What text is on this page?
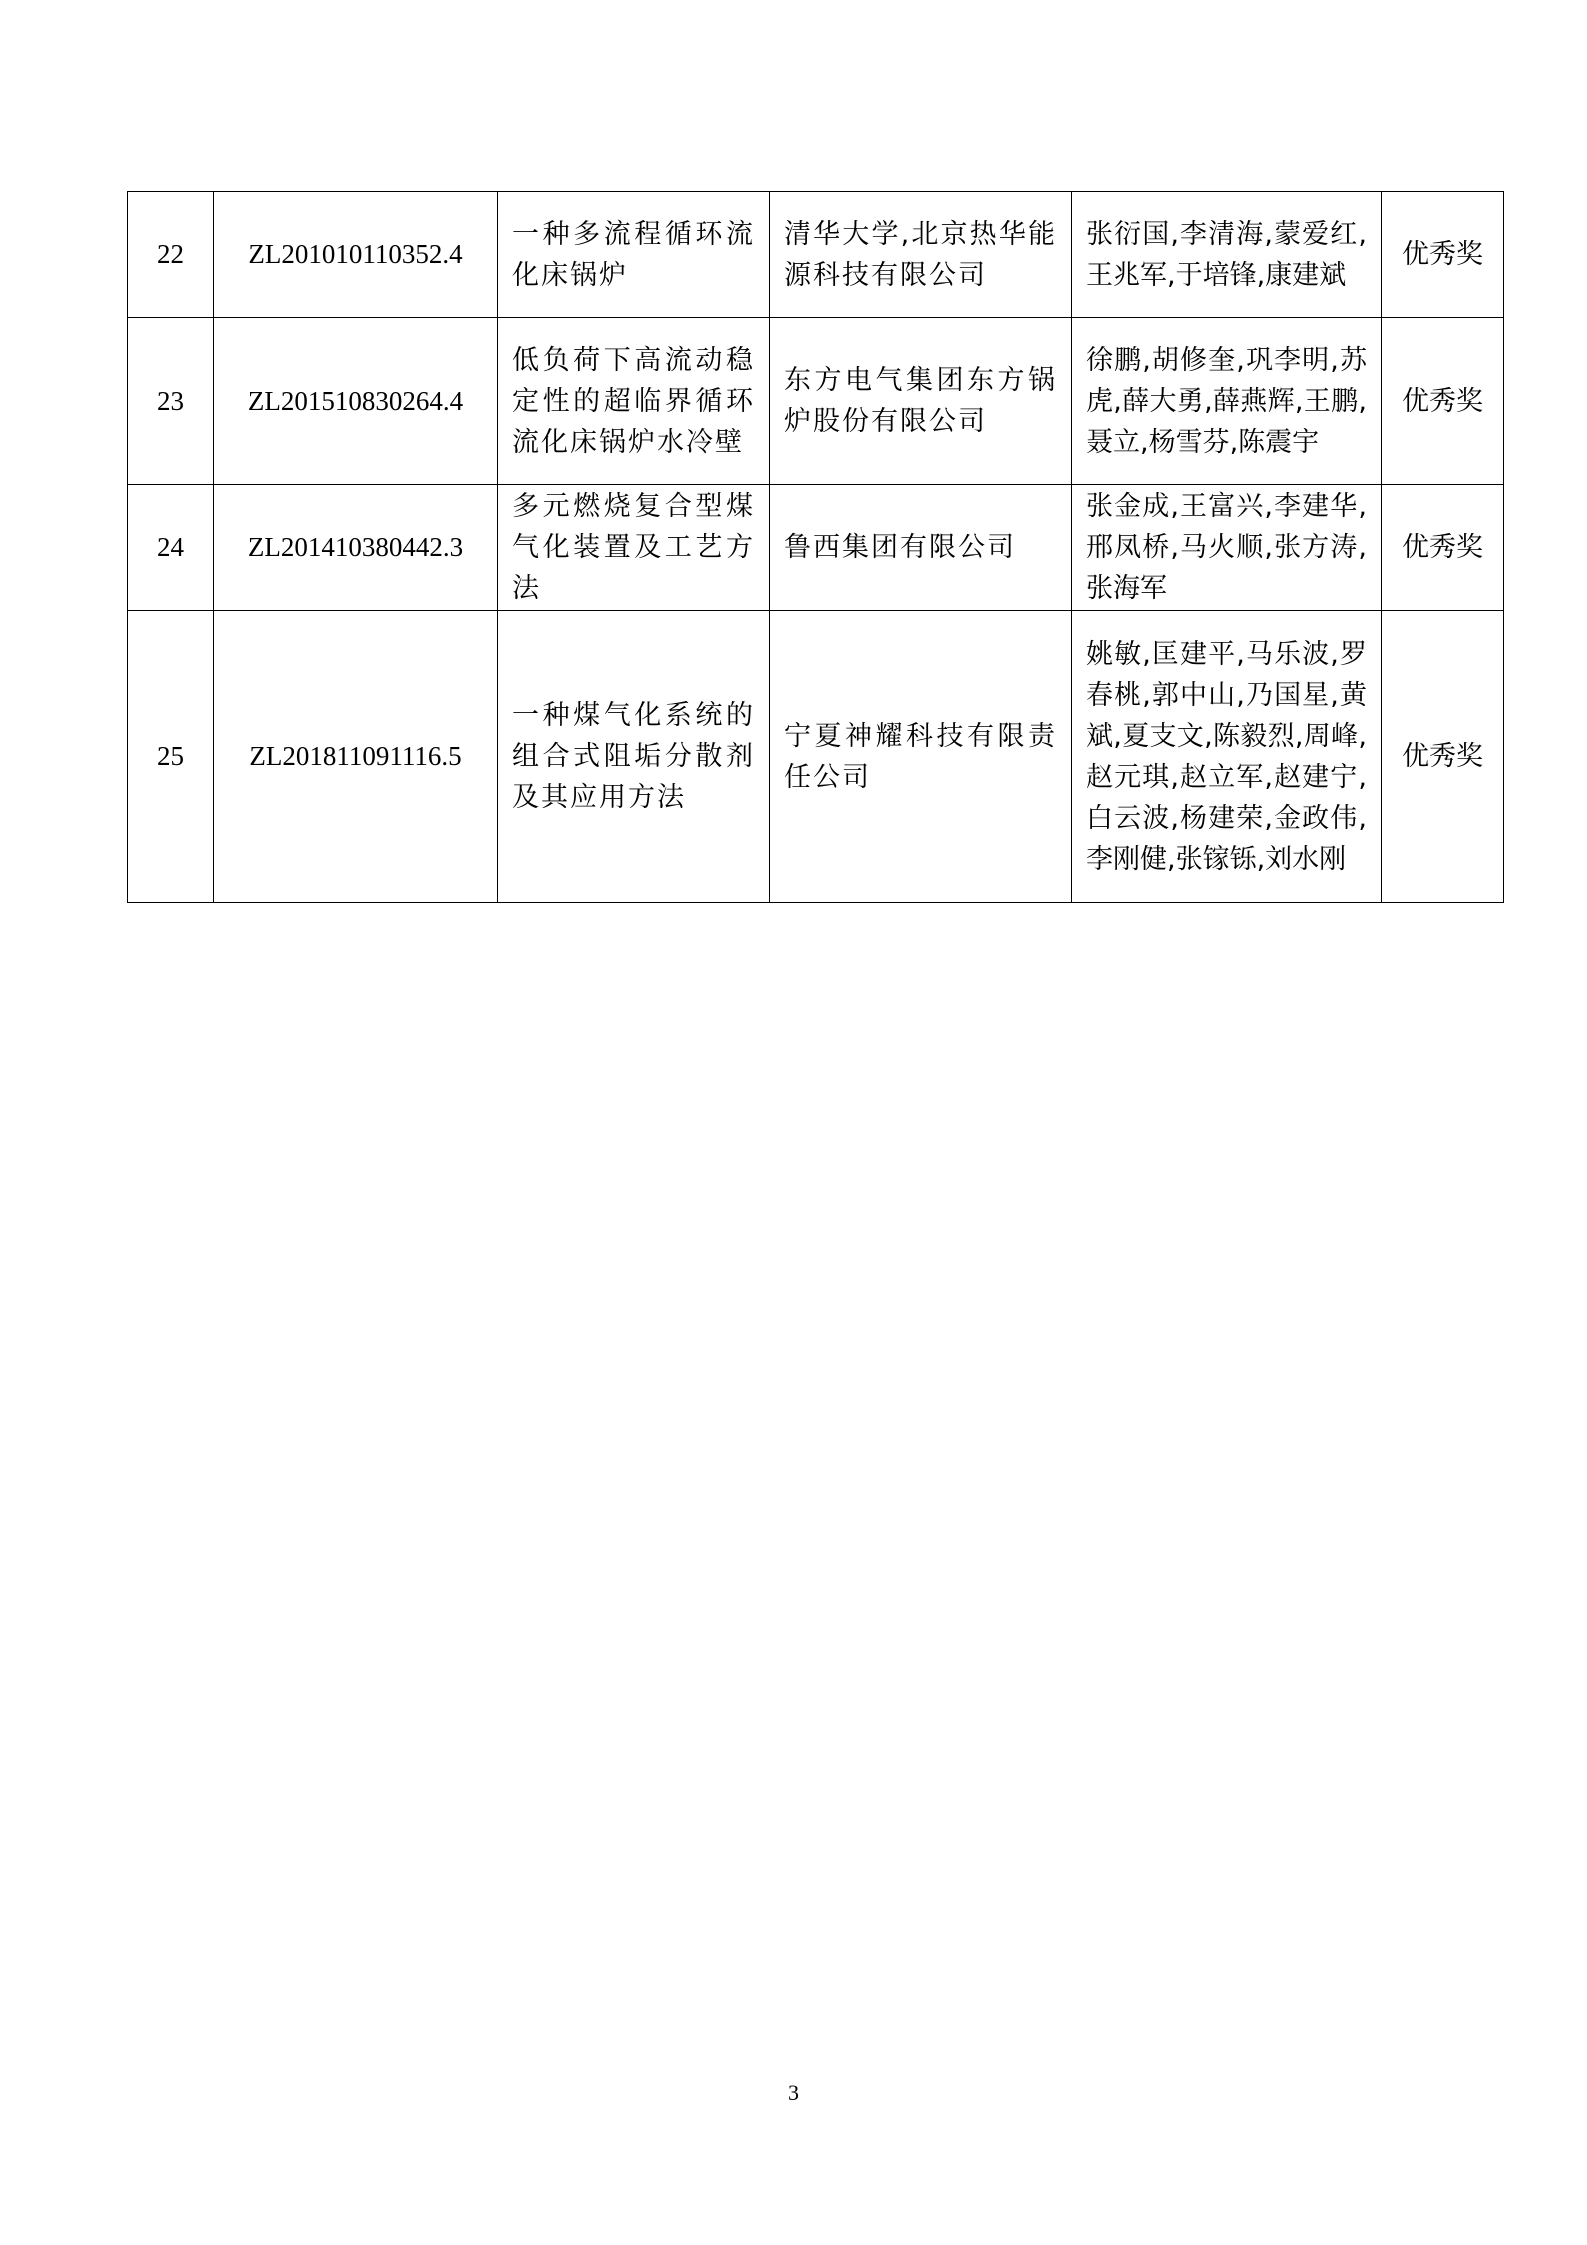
22	ZL201010110352.4	一种多流程循环流化床锅炉	清华大学,北京热华能源科技有限公司	张衍国,李清海,蒙爱红,王兆军,于培锋,康建斌	优秀奖
23	ZL201510830264.4	低负荷下高流动稳定性的超临界循环流化床锅炉水冷壁	东方电气集团东方锅炉股份有限公司	徐鹏,胡修奎,巩李明,苏虎,薛大勇,薛燕辉,王鹏,聂立,杨雪芬,陈震宇	优秀奖
24	ZL201410380442.3	多元燃烧复合型煤气化装置及工艺方法	鲁西集团有限公司	张金成,王富兴,李建华,邢凤桥,马火顺,张方涛,张海军	优秀奖
25	ZL201811091116.5	一种煤气化系统的组合式阻垢分散剂及其应用方法	宁夏神耀科技有限责任公司	姚敏,匡建平,马乐波,罗春桃,郭中山,乃国星,黄斌,夏支文,陈毅烈,周峰,赵元琪,赵立军,赵建宁,白云波,杨建荣,金政伟,李刚健,张镓铄,刘水刚	优秀奖
3
